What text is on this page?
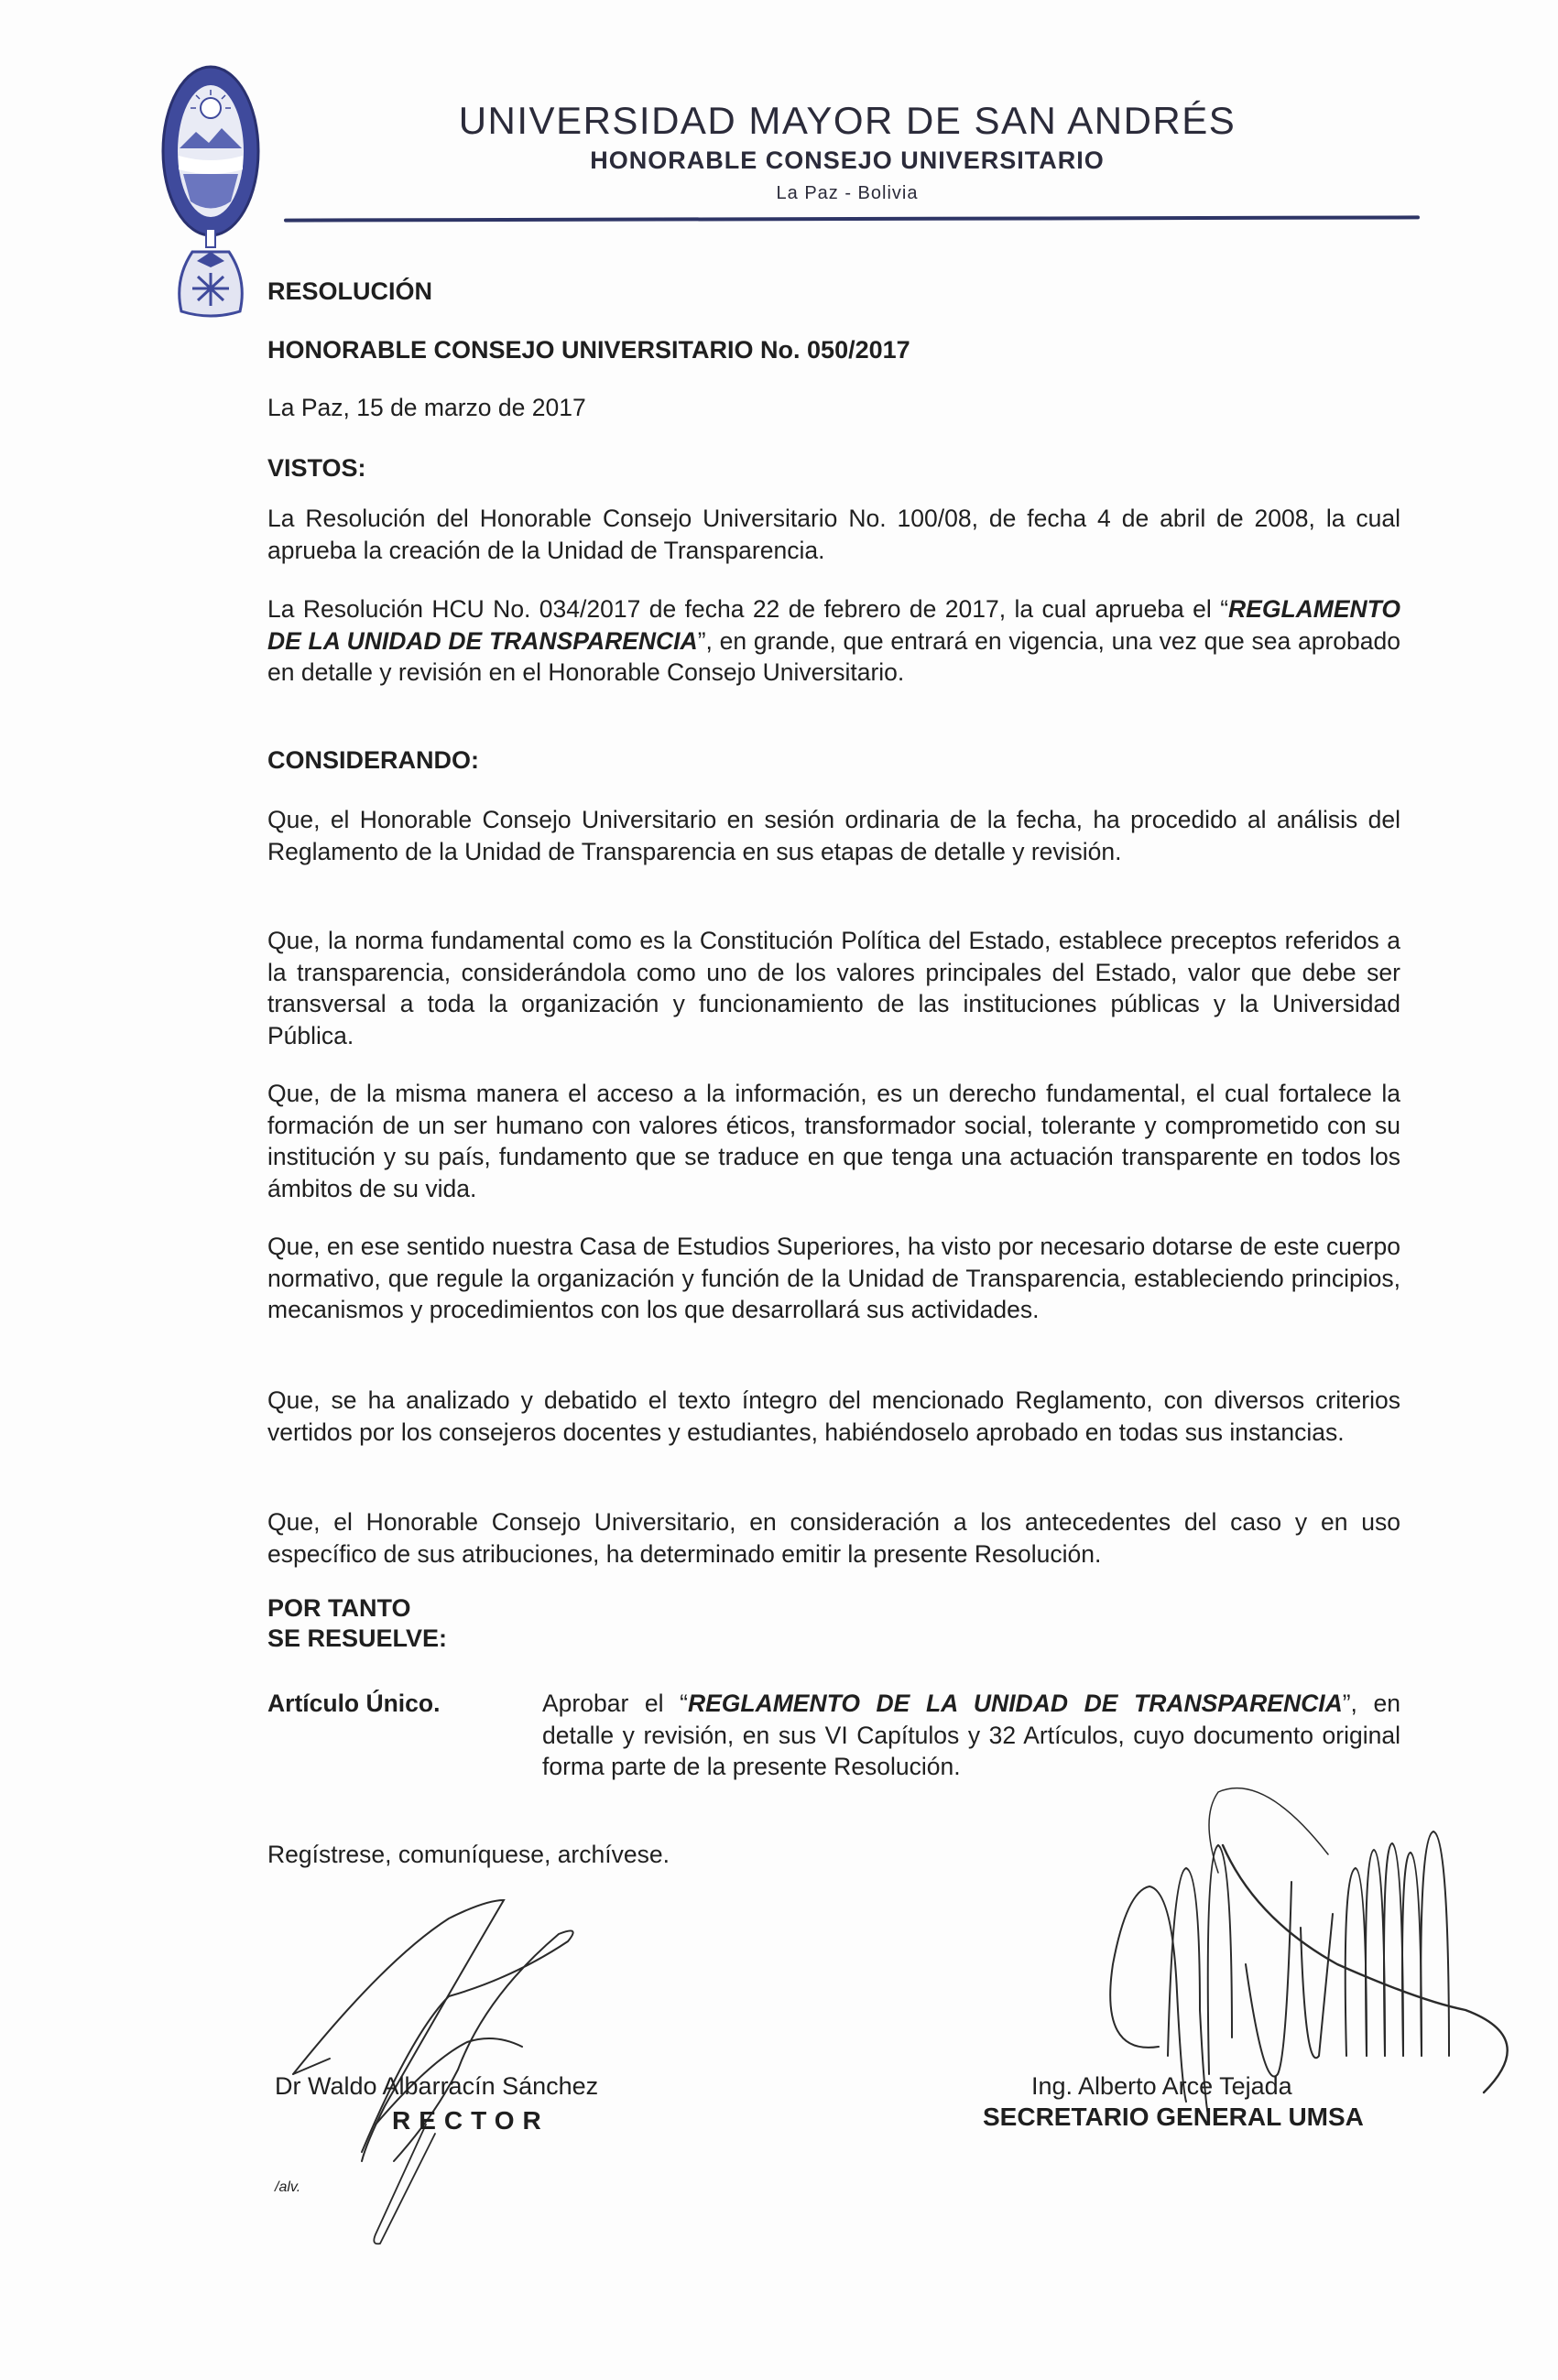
UNIVERSIDAD MAYOR DE SAN ANDRÉS
HONORABLE CONSEJO UNIVERSITARIO
La Paz - Bolivia
RESOLUCIÓN
HONORABLE CONSEJO UNIVERSITARIO No. 050/2017
La Paz, 15 de marzo de 2017
VISTOS:
La Resolución del Honorable Consejo Universitario No. 100/08, de fecha 4 de abril de 2008, la cual aprueba la creación de la Unidad de Transparencia.
La Resolución HCU No. 034/2017 de fecha 22 de febrero de 2017, la cual aprueba el “REGLAMENTO DE LA UNIDAD DE TRANSPARENCIA”, en grande, que entrará en vigencia, una vez que sea aprobado en detalle y revisión en el Honorable Consejo Universitario.
CONSIDERANDO:
Que, el Honorable Consejo Universitario en sesión ordinaria de la fecha, ha procedido al análisis del Reglamento de la Unidad de Transparencia en sus etapas de detalle y revisión.
Que, la norma fundamental como es la Constitución Política del Estado, establece preceptos referidos a la transparencia, considerándola como uno de los valores principales del Estado, valor que debe ser transversal a toda la organización y funcionamiento de las instituciones públicas y la Universidad Pública.
Que, de la misma manera el acceso a la información, es un derecho fundamental, el cual fortalece la formación de un ser humano con valores éticos, transformador social, tolerante y comprometido con su institución y su país, fundamento que se traduce en que tenga una actuación transparente en todos los ámbitos de su vida.
Que, en ese sentido nuestra Casa de Estudios Superiores, ha visto por necesario dotarse de este cuerpo normativo, que regule la organización y función de la Unidad de Transparencia, estableciendo principios, mecanismos y procedimientos con los que desarrollará sus actividades.
Que, se ha analizado y debatido el texto íntegro del mencionado Reglamento, con diversos criterios vertidos por los consejeros docentes y estudiantes, habiéndoselo aprobado en todas sus instancias.
Que, el Honorable Consejo Universitario, en consideración a los antecedentes del caso y en uso específico de sus atribuciones, ha determinado emitir la presente Resolución.
POR TANTO
SE RESUELVE:
Artículo Único.	Aprobar el “REGLAMENTO DE LA UNIDAD DE TRANSPARENCIA”, en detalle y revisión, en sus VI Capítulos y 32 Artículos, cuyo documento original forma parte de la presente Resolución.
Regístrese, comuníquese, archívese.
Dr Waldo Albarracín Sánchez
RECTOR
/alv.
Ing. Alberto Arce Tejada
SECRETARIO GENERAL UMSA
